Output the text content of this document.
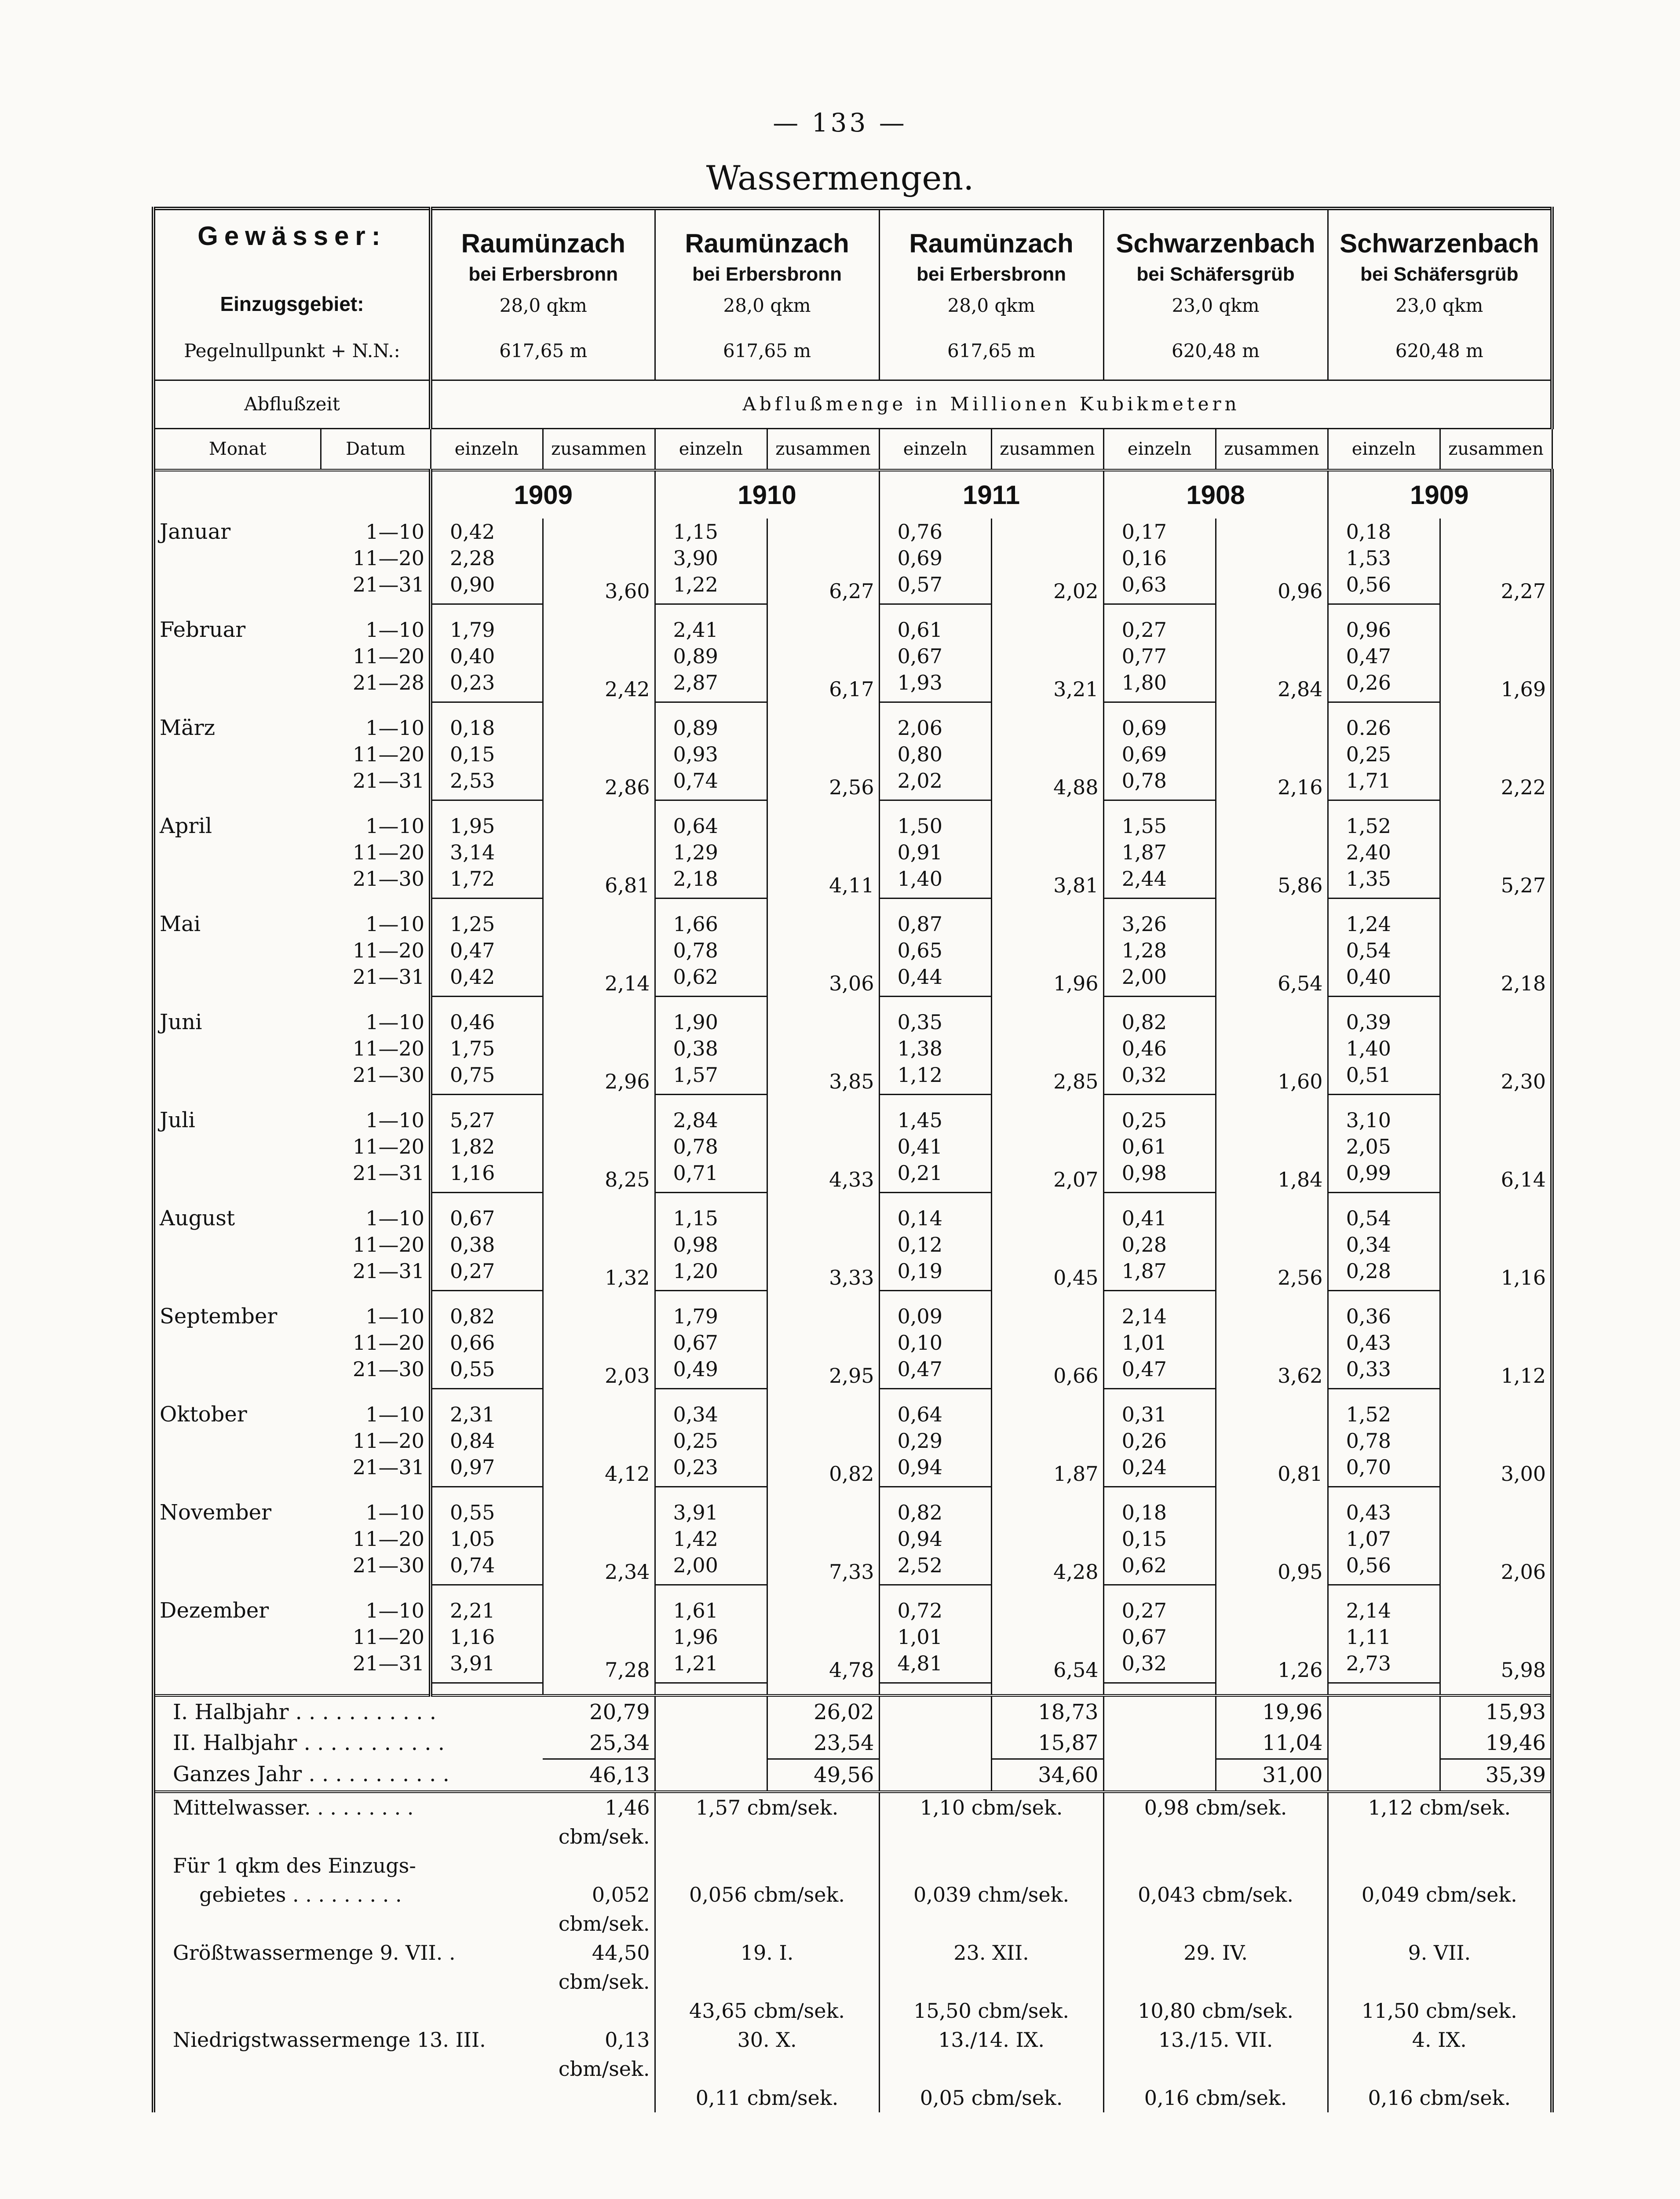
— 133 —
Wassermengen.
Gewässer:		Raumünzach		Raumünzach		Raumünzach		Schwarzenbach		Schwarzenbach	
		bei Erbersbronn		bei Erbersbronn		bei Erbersbronn		bei Schäfersgrüb		bei Schäfersgrüb	
Einzugsgebiet:		28,0 qkm		28,0 qkm		28,0 qkm		23,0 qkm		23,0 qkm	
Pegelnullpunkt + N.N.:		617,65 m		617,65 m		617,65 m		620,48 m		620,48 m	
Abflußzeit		Abflußmenge in Millionen Kubikmetern									
Monat	Datum	einzeln	zusammen	einzeln	zusammen	einzeln	zusammen	einzeln	zusammen	einzeln	zusammen
		1909		1910		1911		1908		1909	
Januar	1—10	0,42		1,15		0,76		0,17		0,18	
	11—20	2,28		3,90		0,69		0,16		1,53	
	21—31	0,90	3,60	1,22	6,27	0,57	2,02	0,63	0,96	0,56	2,27

Februar	1—10	1,79		2,41		0,61		0,27		0,96	
	11—20	0,40		0,89		0,67		0,77		0,47	
	21—28	0,23	2,42	2,87	6,17	1,93	3,21	1,80	2,84	0,26	1,69

März	1—10	0,18		0,89		2,06		0,69		0.26	
	11—20	0,15		0,93		0,80		0,69		0,25	
	21—31	2,53	2,86	0,74	2,56	2,02	4,88	0,78	2,16	1,71	2,22

April	1—10	1,95		0,64		1,50		1,55		1,52	
	11—20	3,14		1,29		0,91		1,87		2,40	
	21—30	1,72	6,81	2,18	4,11	1,40	3,81	2,44	5,86	1,35	5,27

Mai	1—10	1,25		1,66		0,87		3,26		1,24	
	11—20	0,47		0,78		0,65		1,28		0,54	
	21—31	0,42	2,14	0,62	3,06	0,44	1,96	2,00	6,54	0,40	2,18

Juni	1—10	0,46		1,90		0,35		0,82		0,39	
	11—20	1,75		0,38		1,38		0,46		1,40	
	21—30	0,75	2,96	1,57	3,85	1,12	2,85	0,32	1,60	0,51	2,30

Juli	1—10	5,27		2,84		1,45		0,25		3,10	
	11—20	1,82		0,78		0,41		0,61		2,05	
	21—31	1,16	8,25	0,71	4,33	0,21	2,07	0,98	1,84	0,99	6,14

August	1—10	0,67		1,15		0,14		0,41		0,54	
	11—20	0,38		0,98		0,12		0,28		0,34	
	21—31	0,27	1,32	1,20	3,33	0,19	0,45	1,87	2,56	0,28	1,16

September	1—10	0,82		1,79		0,09		2,14		0,36	
	11—20	0,66		0,67		0,10		1,01		0,43	
	21—30	0,55	2,03	0,49	2,95	0,47	0,66	0,47	3,62	0,33	1,12

Oktober	1—10	2,31		0,34		0,64		0,31		1,52	
	11—20	0,84		0,25		0,29		0,26		0,78	
	21—31	0,97	4,12	0,23	0,82	0,94	1,87	0,24	0,81	0,70	3,00

November	1—10	0,55		3,91		0,82		0,18		0,43	
	11—20	1,05		1,42		0,94		0,15		1,07	
	21—30	0,74	2,34	2,00	7,33	2,52	4,28	0,62	0,95	0,56	2,06

Dezember	1—10	2,21		1,61		0,72		0,27		2,14	
	11—20	1,16		1,96		1,01		0,67		1,11	
	21—31	3,91	7,28	1,21	4,78	4,81	6,54	0,32	1,26	2,73	5,98

I. Halbjahr . . . . . . . . . . .			20,79		26,02		18,73		19,96		15,93
II. Halbjahr . . . . . . . . . . .			25,34		23,54		15,87		11,04		19,46
Ganzes Jahr . . . . . . . . . . .			46,13		49,56		34,60		31,00		35,39
Mittelwasser. . . . . . . . .			1,46 cbm/sek.	1,57 cbm/sek.		1,10 cbm/sek.		0,98 cbm/sek.		1,12 cbm/sek.	
Für 1 qkm des Einzugs-											
gebietes . . . . . . . . .			0,052 cbm/sek.	0,056 cbm/sek.		0,039 chm/sek.		0,043 cbm/sek.		0,049 cbm/sek.	
Größtwassermenge 9. VII. .			44,50 cbm/sek.	19. I.		23. XII.		29. IV.		9. VII.	
				43,65 cbm/sek.		15,50 cbm/sek.		10,80 cbm/sek.		11,50 cbm/sek.	
Niedrigstwassermenge 13. III.			0,13 cbm/sek.	30. X.		13./14. IX.		13./15. VII.		4. IX.	
				0,11 cbm/sek.		0,05 cbm/sek.		0,16 cbm/sek.		0,16 cbm/sek.	
